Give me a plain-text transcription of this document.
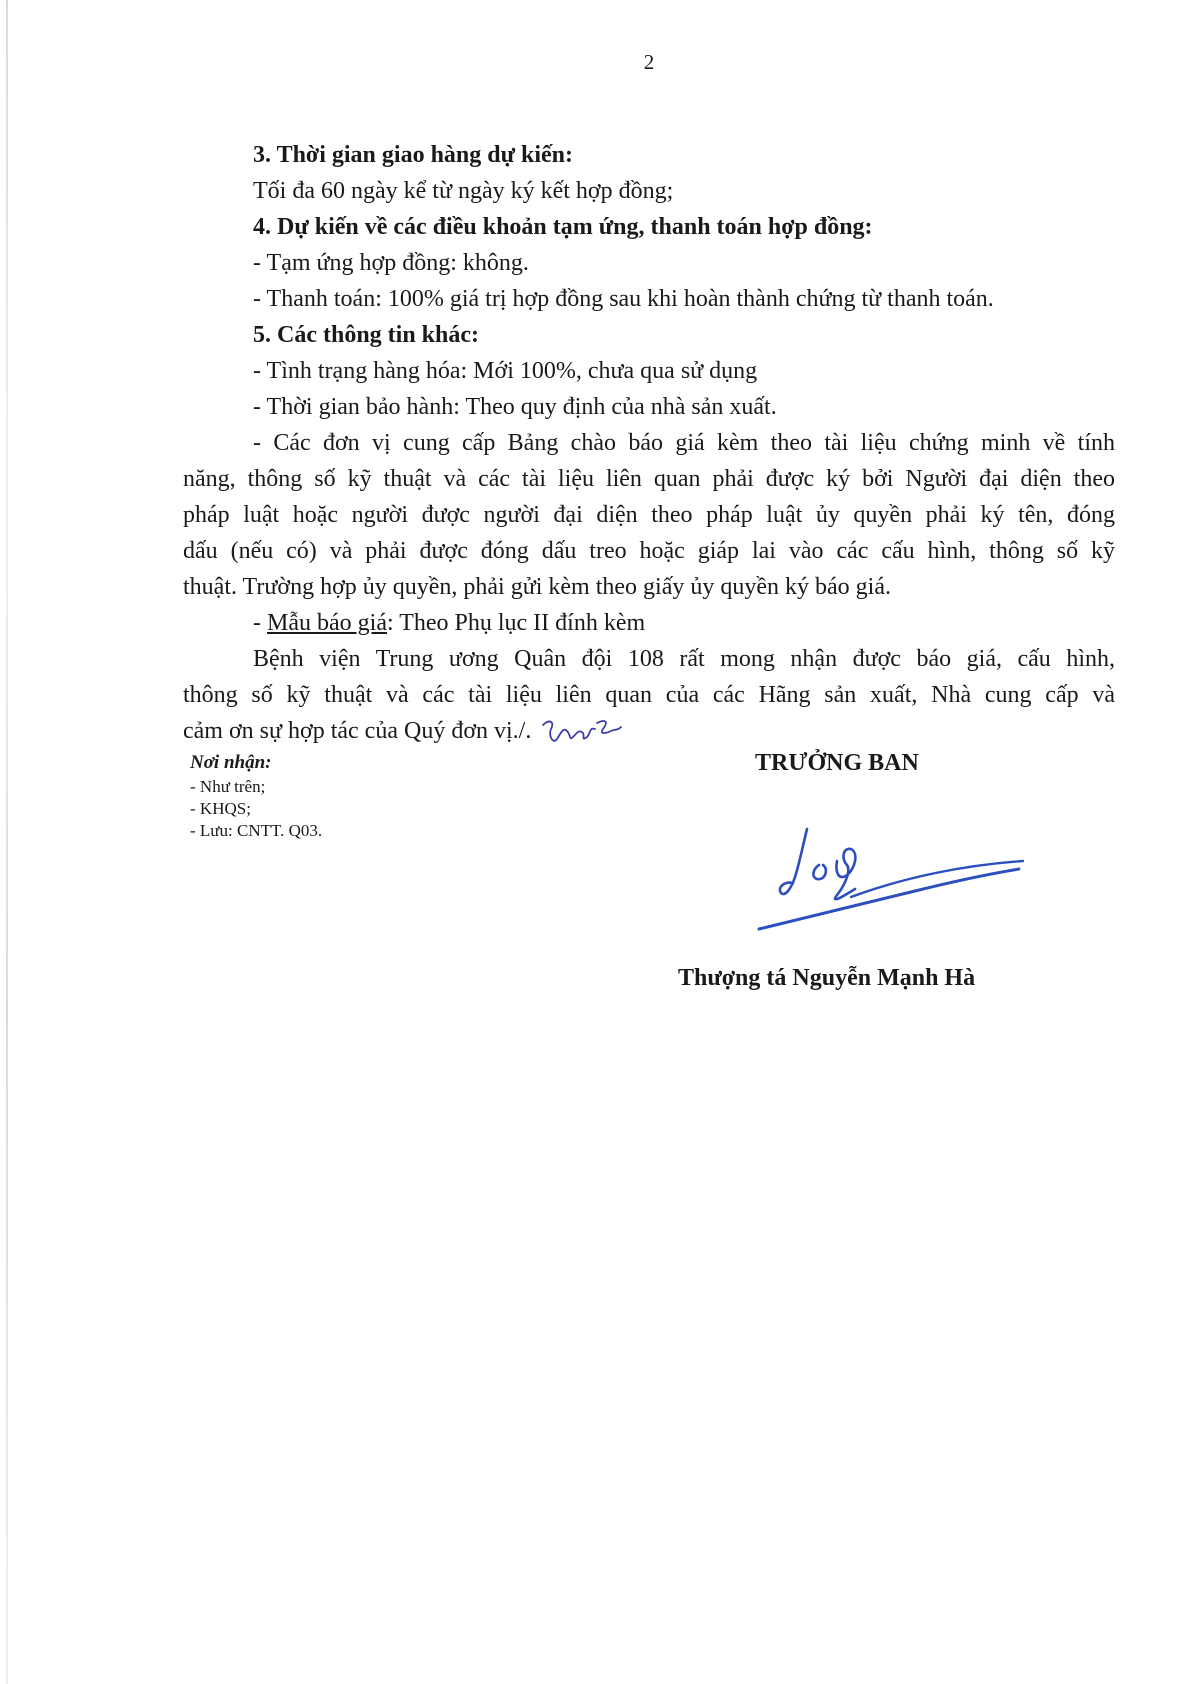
2
3. Thời gian giao hàng dự kiến:
Tối đa 60 ngày kể từ ngày ký kết hợp đồng;
4. Dự kiến về các điều khoản tạm ứng, thanh toán hợp đồng:
- Tạm ứng hợp đồng: không.
- Thanh toán: 100% giá trị hợp đồng sau khi hoàn thành chứng từ thanh toán.
5. Các thông tin khác:
- Tình trạng hàng hóa: Mới 100%, chưa qua sử dụng
- Thời gian bảo hành: Theo quy định của nhà sản xuất.
- Các đơn vị cung cấp Bảng chào báo giá kèm theo tài liệu chứng minh về tính
năng, thông số kỹ thuật và các tài liệu liên quan phải được ký bởi Người đại diện theo
pháp luật hoặc người được người đại diện theo pháp luật ủy quyền phải ký tên, đóng
dấu (nếu có) và phải được đóng dấu treo hoặc giáp lai vào các cấu hình, thông số kỹ
thuật. Trường hợp ủy quyền, phải gửi kèm theo giấy ủy quyền ký báo giá.
- Mẫu báo giá: Theo Phụ lục II đính kèm
Bệnh viện Trung ương Quân đội 108 rất mong nhận được báo giá, cấu hình,
thông số kỹ thuật và các tài liệu liên quan của các Hãng sản xuất, Nhà cung cấp và
cảm ơn sự hợp tác của Quý đơn vị./.
Nơi nhận:
- Như trên;
- KHQS;
- Lưu: CNTT. Q03.
TRƯỞNG BAN
Thượng tá Nguyễn Mạnh Hà
